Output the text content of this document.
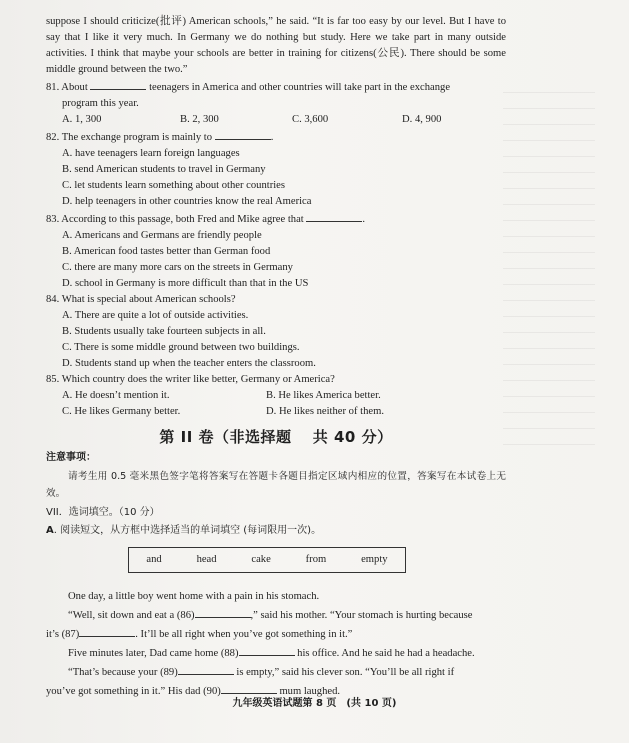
suppose I should criticize(批评) American schools,” he said. “It is far too easy by our level. But I have to say that I like it very much. In Germany we do nothing but study. Here we take part in many outside activities. I think that maybe your schools are better in training for citizens(公民). There should be some middle ground between the two.”

81. About	teenagers in America and other countries will take part in the exchange

program this year.

A. 1, 300	B. 2, 300	C. 3,600	D. 4, 900

82. The exchange program is mainly to	.

A. have teenagers learn foreign languages

B. send American students to travel in Germany

C. let students learn something about other countries

D. help teenagers in other countries know the real America

83. According to this passage, both Fred and Mike agree that	.

A. Americans and Germans are friendly people

B. American food tastes better than German food

C. there are many more cars on the streets in Germany

D. school in Germany is more difficult than that in the US

84. What is special about American schools?

A. There are quite a lot of outside activities.

B. Students usually take fourteen subjects in all.

C. There is some middle ground between two buildings.

D. Students stand up when the teacher enters the classroom.

85. Which country does the writer like better, Germany or America?

A. He doesn’t mention it.	B. He likes America better.
C. He likes Germany better.	D. He likes neither of them.
第 II 卷（非选择题　 共 40 分）

注意事项：

请考生用 0.5 毫米黑色签字笔将答案写在答题卡各题目指定区域内相应的位置，答案写在本试卷上无效。

VII．选词填空。（10 分）

A. 阅读短文，从方框中选择适当的单词填空 (每词限用一次)。

and	head	cake	from	empty

One day, a little boy went home with a pain in his stomach.

“Well, sit down and eat a (86)	,” said his mother. “Your stomach is hurting because

it’s (87)	. It’ll be all right when you’ve got something in it.”

Five minutes later, Dad came home (88)	his office. And he said he had a headache.

“That’s because your (89)	is empty,” said his clever son. “You’ll be all right if

you’ve got something in it.” His dad (90)	mum laughed.

九年级英语试题第 8 页　(共 10 页)
